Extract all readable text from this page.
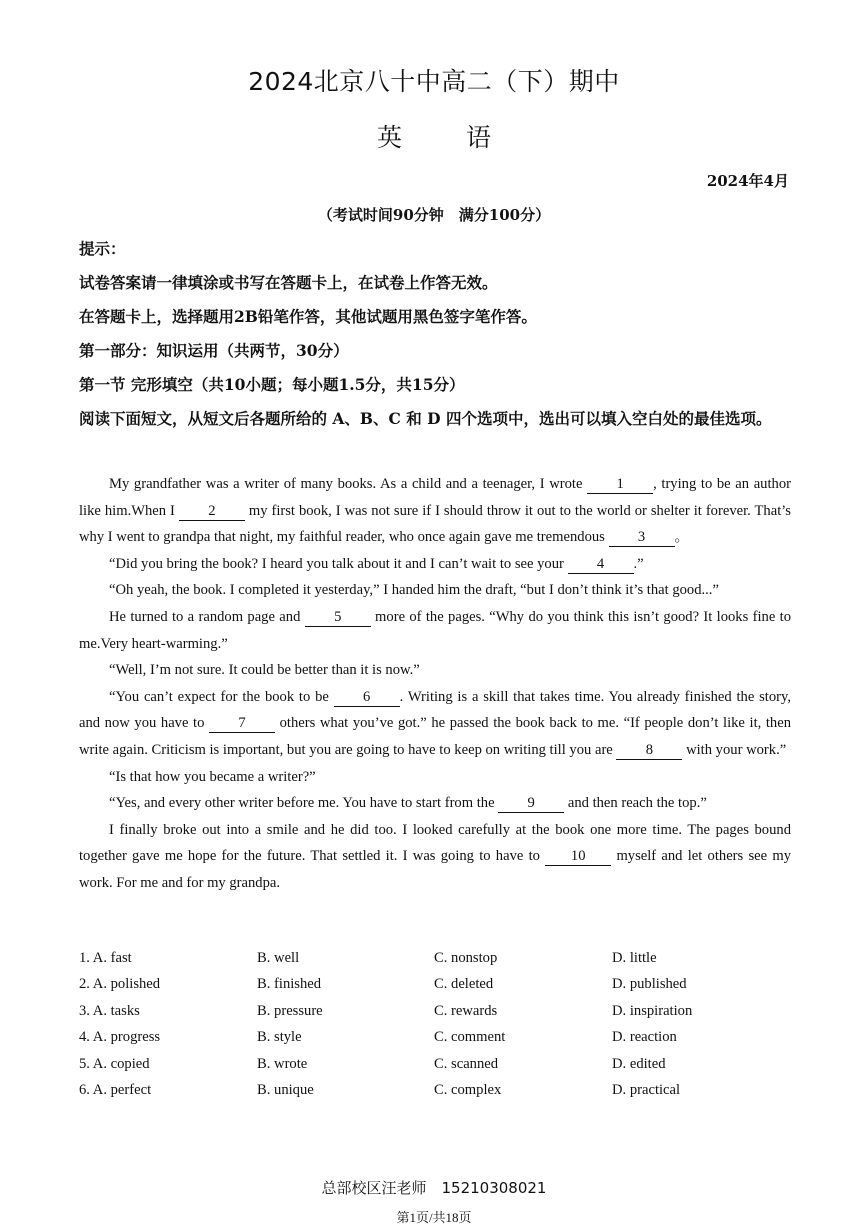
2024北京八十中高二（下）期中
英	语
2024年4月
（考试时间90分钟　满分100分）
提示：
试卷答案请一律填涂或书写在答题卡上，在试卷上作答无效。
在答题卡上，选择题用2B铅笔作答，其他试题用黑色签字笔作答。
第一部分：知识运用（共两节，30分）
第一节 完形填空（共10小题；每小题1.5分，共15分）
阅读下面短文，从短文后各题所给的 A、B、C 和 D 四个选项中，选出可以填入空白处的最佳选项。

My grandfather was a writer of many books. As a child and a teenager, I wrote 1 , trying to be an author like him.When I 2 my first book, I was not sure if I should throw it out to the world or shelter it forever. That’s why I went to grandpa that night, my faithful reader, who once again gave me tremendous 3 。

“Did you bring the book? I heard you talk about it and I can’t wait to see your 4 .”

“Oh yeah, the book. I completed it yesterday,” I handed him the draft, “but I don’t think it’s that good...”

He turned to a random page and 5 more of the pages. “Why do you think this isn’t good? It looks fine to me.Very heart-warming.”

“Well, I’m not sure. It could be better than it is now.”

“You can’t expect for the book to be 6 . Writing is a skill that takes time. You already finished the story, and now you have to 7 others what you’ve got.” he passed the book back to me. “If people don’t like it, then write again. Criticism is important, but you are going to have to keep on writing till you are 8 with your work.”

“Is that how you became a writer?”

“Yes, and every other writer before me. You have to start from the 9 and then reach the top.”

I finally broke out into a smile and he did too. I looked carefully at the book one more time. The pages bound together gave me hope for the future. That settled it. I was going to have to 10 myself and let others see my work. For me and for my grandpa.

1. A. fast	B. well	C. nonstop	D. little
2. A. polished	B. finished	C. deleted	D. published
3. A. tasks	B. pressure	C. rewards	D. inspiration
4. A. progress	B. style	C. comment	D. reaction
5. A. copied	B. wrote	C. scanned	D. edited
6. A. perfect	B. unique	C. complex	D. practical
总部校区汪老师　15210308021
第1页/共18页
